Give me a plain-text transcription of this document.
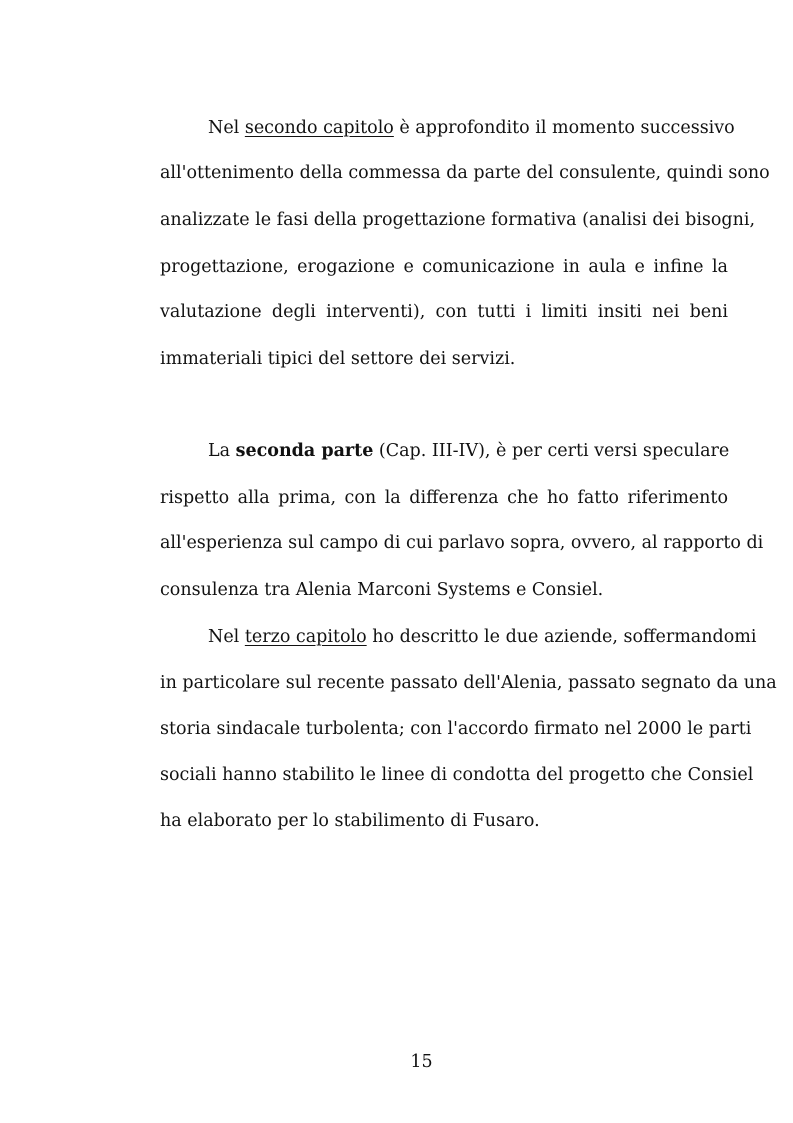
Nel secondo capitolo è approfondito il momento successivo
all'ottenimento della commessa da parte del consulente, quindi sono
analizzate le fasi della progettazione formativa (analisi dei bisogni,
progettazione, erogazione e comunicazione in aula e infine la
valutazione degli interventi), con tutti i limiti insiti nei beni
immateriali tipici del settore dei servizi.
La seconda parte (Cap. III-IV), è per certi versi speculare
rispetto alla prima, con la differenza che ho fatto riferimento
all'esperienza sul campo di cui parlavo sopra, ovvero, al rapporto di
consulenza tra Alenia Marconi Systems e Consiel.
Nel terzo capitolo ho descritto le due aziende, soffermandomi
in particolare sul recente passato dell'Alenia, passato segnato da una
storia sindacale turbolenta; con l'accordo firmato nel 2000 le parti
sociali hanno stabilito le linee di condotta del progetto che Consiel
ha elaborato per lo stabilimento di Fusaro.
15
